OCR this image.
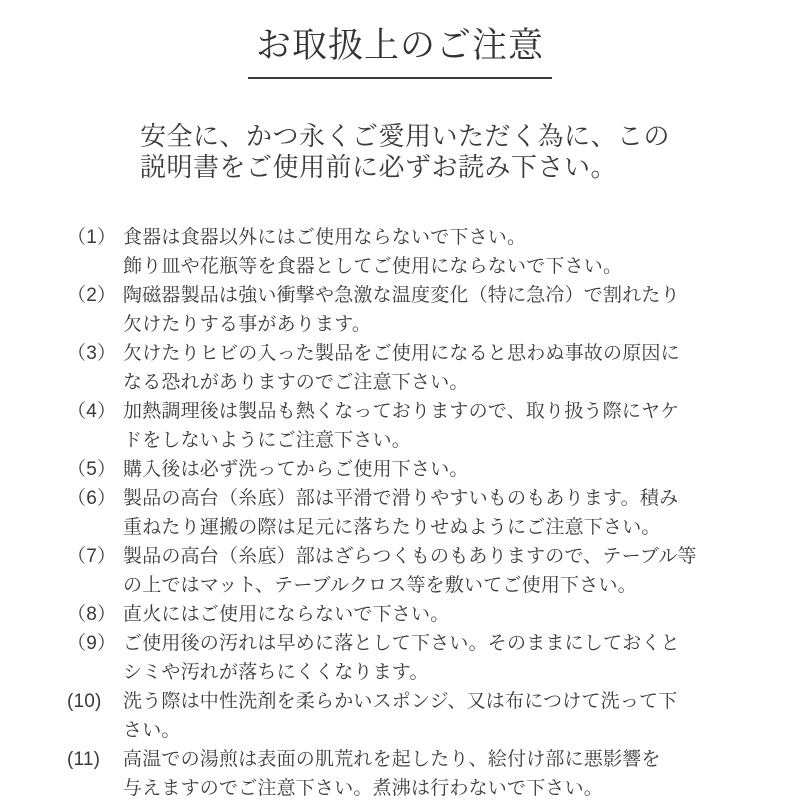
お取扱上のご注意
安全に、かつ永くご愛用いただく為に、この
説明書をご使用前に必ずお読み下さい。
（1） 食器は食器以外にはご使用ならないで下さい。
飾り皿や花瓶等を食器としてご使用にならないで下さい。
（2） 陶磁器製品は強い衝撃や急激な温度変化（特に急冷）で割れたり
欠けたりする事があります。
（3） 欠けたりヒビの入った製品をご使用になると思わぬ事故の原因に
なる恐れがありますのでご注意下さい。
（4） 加熱調理後は製品も熱くなっておりますので、取り扱う際にヤケ
ドをしないようにご注意下さい。
（5） 購入後は必ず洗ってからご使用下さい。
（6） 製品の高台（糸底）部は平滑で滑りやすいものもあります。積み
重ねたり運搬の際は足元に落ちたりせぬようにご注意下さい。
（7） 製品の高台（糸底）部はざらつくものもありますので、テーブル等
の上ではマット、テーブルクロス等を敷いてご使用下さい。
（8） 直火にはご使用にならないで下さい。
（9） ご使用後の汚れは早めに落として下さい。そのままにしておくと
シミや汚れが落ちにくくなります。
(10)	洗う際は中性洗剤を柔らかいスポンジ、又は布につけて洗って下
さい。
(11)	高温での湯煎は表面の肌荒れを起したり、絵付け部に悪影響を
与えますのでご注意下さい。煮沸は行わないで下さい。
